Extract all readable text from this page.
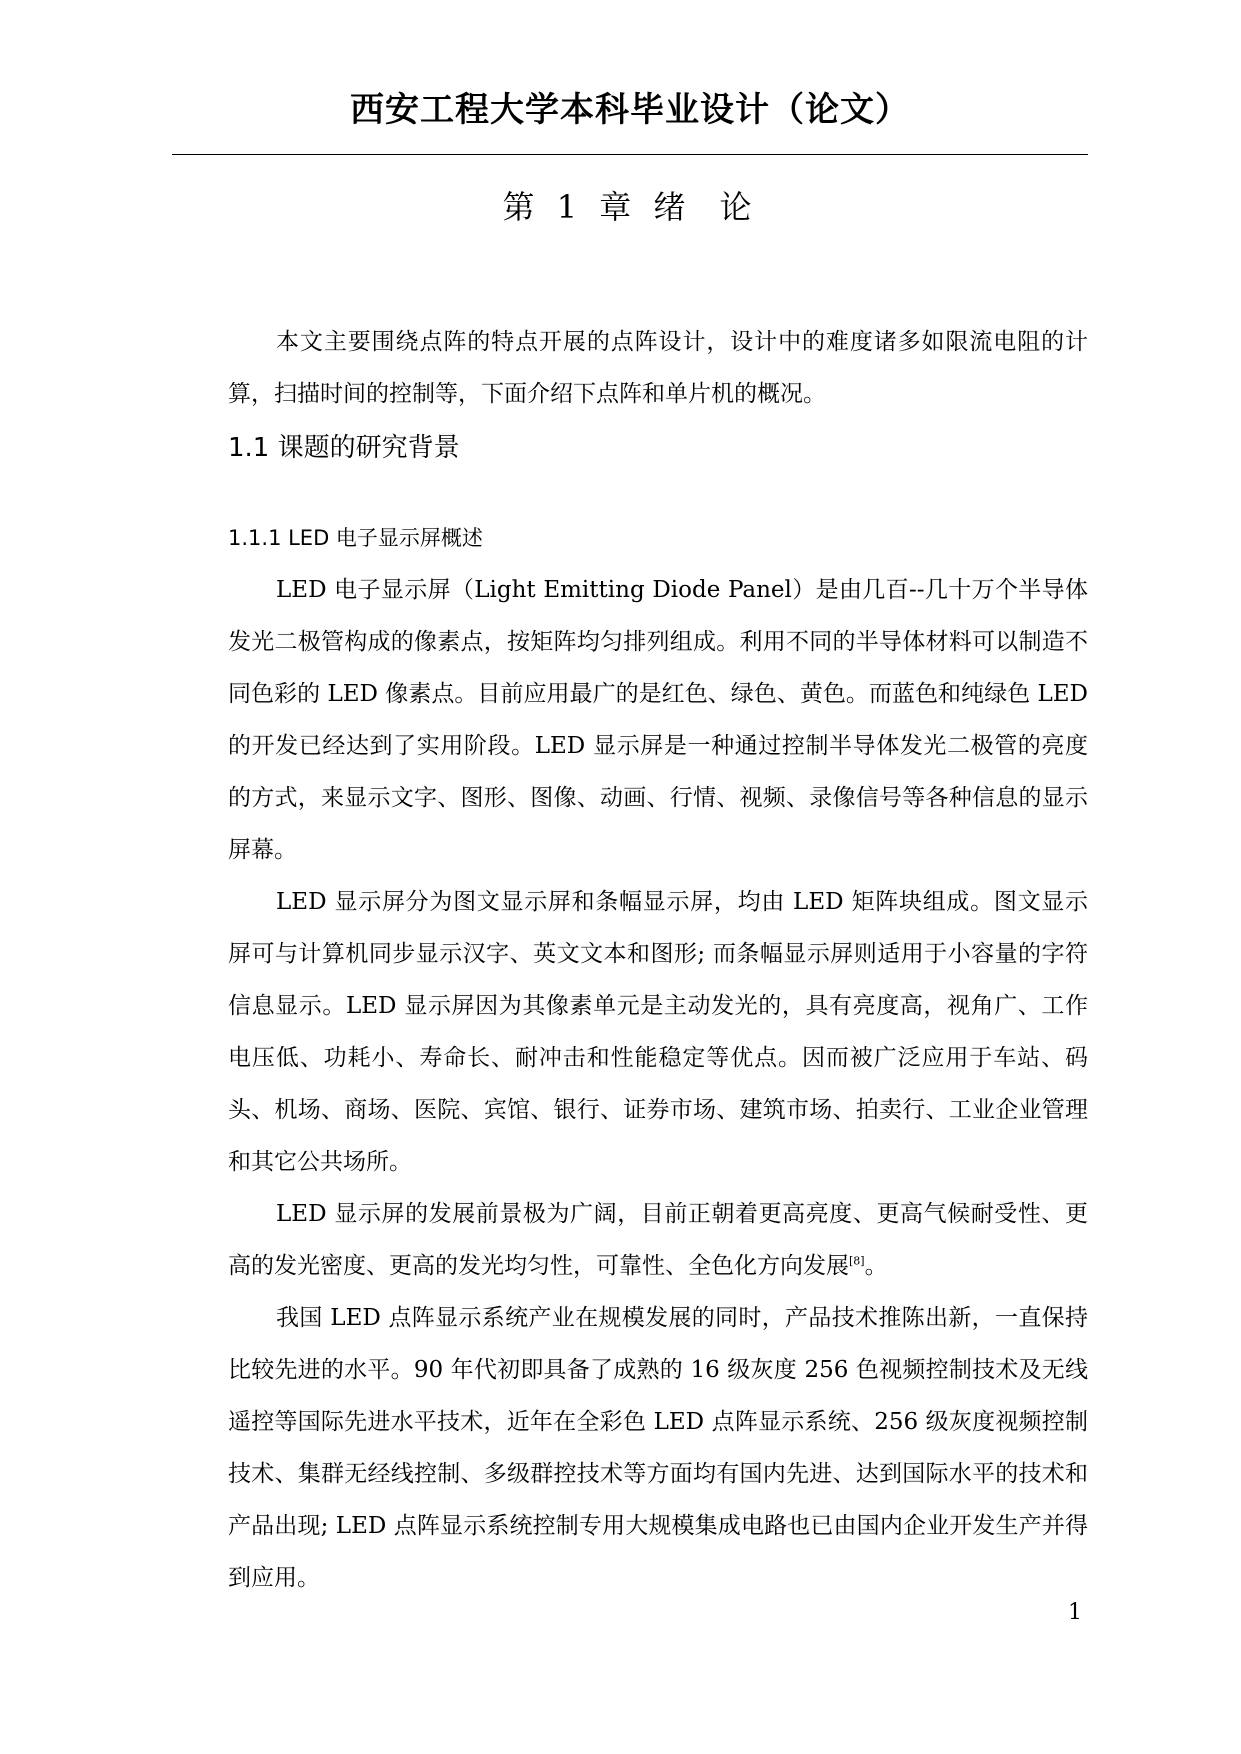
西安工程大学本科毕业设计（论文）
第 1 章 绪 论

本文主要围绕点阵的特点开展的点阵设计，设计中的难度诸多如限流电阻的计算，扫描时间的控制等，下面介绍下点阵和单片机的概况。

1.1 课题的研究背景
1.1.1 LED 电子显示屏概述

LED 电子显示屏（Light Emitting Diode Panel）是由几百--几十万个半导体发光二极管构成的像素点，按矩阵均匀排列组成。利用不同的半导体材料可以制造不同色彩的 LED 像素点。目前应用最广的是红色、绿色、黄色。而蓝色和纯绿色 LED 的开发已经达到了实用阶段。LED 显示屏是一种通过控制半导体发光二极管的亮度的方式，来显示文字、图形、图像、动画、行情、视频、录像信号等各种信息的显示屏幕。

LED 显示屏分为图文显示屏和条幅显示屏，均由 LED 矩阵块组成。图文显示屏可与计算机同步显示汉字、英文文本和图形; 而条幅显示屏则适用于小容量的字符信息显示。LED 显示屏因为其像素单元是主动发光的，具有亮度高，视角广、工作电压低、功耗小、寿命长、耐冲击和性能稳定等优点。因而被广泛应用于车站、码头、机场、商场、医院、宾馆、银行、证券市场、建筑市场、拍卖行、工业企业管理和其它公共场所。

LED 显示屏的发展前景极为广阔，目前正朝着更高亮度、更高气候耐受性、更高的发光密度、更高的发光均匀性，可靠性、全色化方向发展[8]。

我国 LED 点阵显示系统产业在规模发展的同时，产品技术推陈出新，一直保持比较先进的水平。90 年代初即具备了成熟的 16 级灰度 256 色视频控制技术及无线遥控等国际先进水平技术，近年在全彩色 LED 点阵显示系统、256 级灰度视频控制技术、集群无经线控制、多级群控技术等方面均有国内先进、达到国际水平的技术和产品出现; LED 点阵显示系统控制专用大规模集成电路也已由国内企业开发生产并得到应用。

1
